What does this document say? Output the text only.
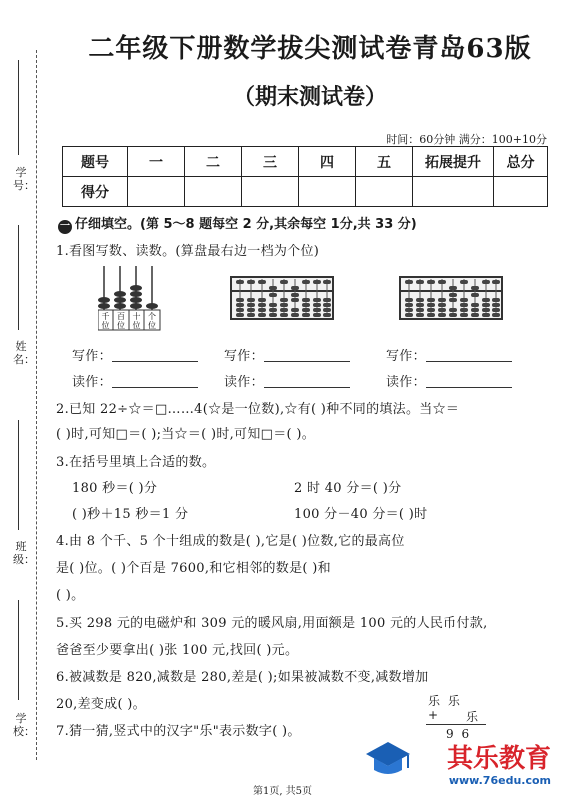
学号：
姓名：
班级：
学校：
二年级下册数学拔尖测试卷青岛63版
（期末测试卷）
时间：60分钟 满分：100+10分
题号	一	二	三	四	五	拓展提升	总分
得分							
一 仔细填空。(第 5～8 题每空 2 分,其余每空 1分,共 33 分)
1.看图写数、读数。(算盘最右边一档为个位)
千 百 十 个
位 位 位 位
写作：
读作：
写作：
读作：
写作：
读作：
2.已知 22÷☆＝□……4(☆是一位数),☆有( )种不同的填法。当☆＝
( )时,可知□＝( );当☆＝( )时,可知□＝( )。
3.在括号里填上合适的数。
180 秒＝( )分	2 时 40 分＝( )分
( )秒＋15 秒＝1 分	100 分－40 分＝( )时
4.由 8 个千、5 个十组成的数是( ),它是( )位数,它的最高位
是( )位。( )个百是 7600,和它相邻的数是( )和
( )。
5.买 298 元的电磁炉和 309 元的暖风扇,用面额是 100 元的人民币付款,
爸爸至少要拿出( )张 100 元,找回( )元。
6.被减数是 820,减数是 280,差是( );如果被减数不变,减数增加
20,差变成( )。
7.猜一猜,竖式中的汉字"乐"表示数字( )。
乐 乐
+ 乐
9 6
其乐教育
www.76edu.com
第1页, 共5页
